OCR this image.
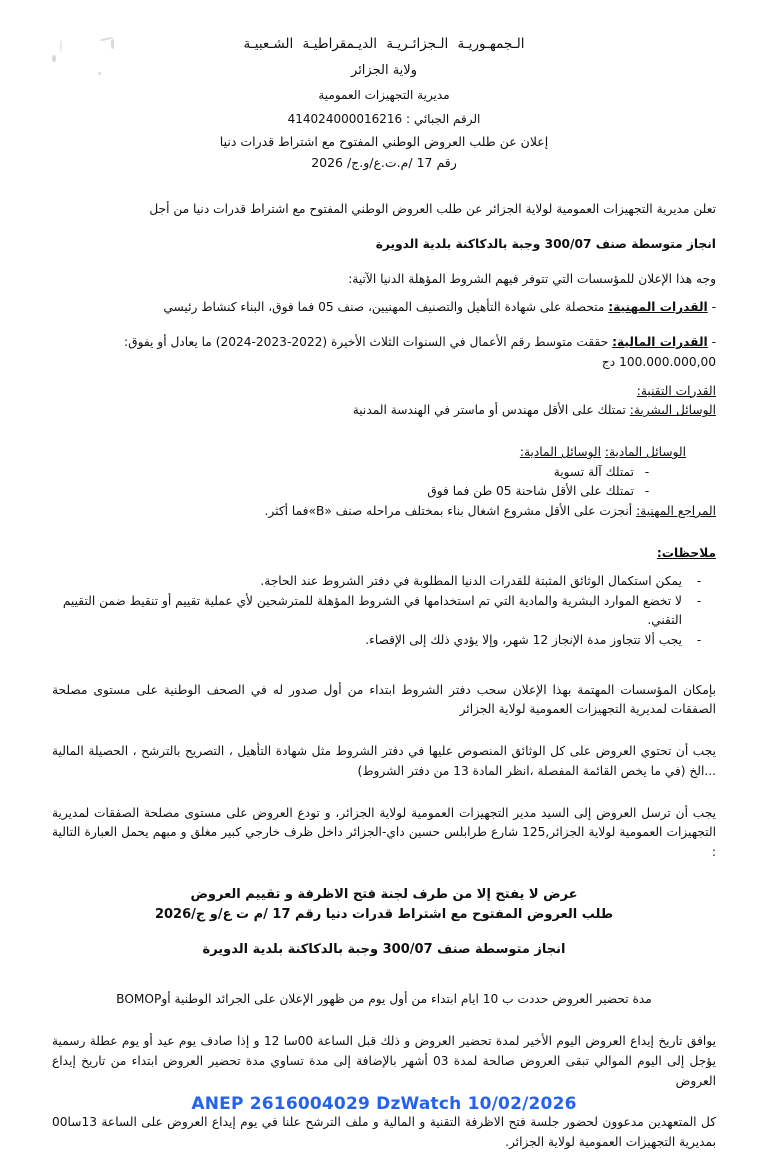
الـجمهـوريـة الـجزائـريـة الديـمقراطيـة الشـعبيـة
ولاية الجزائر
مديرية التجهيزات العمومية
الرقم الجبائي : 414024000016216
إعلان عن طلب العروض الوطني المفتوح مع اشتراط قدرات دنيا
رقم 17 /م.ت.ع/و.ج/ 2026
تعلن مديرية التجهيزات العمومية لولاية الجزائر عن طلب العروض الوطني المفتوح مع اشتراط قدرات دنيا من أجل
انجاز متوسطة صنف 300/07 وجبة بالدكاكنة بلدية الدويرة
وجه هذا الإعلان للمؤسسات التي تتوفر فيهم الشروط المؤهلة الدنيا الآتية:
- القدرات المهنية: متحصلة على شهادة التأهيل والتصنيف المهنيين، صنف 05 فما فوق، البناء كنشاط رئيسي
- القدرات المالية: حققت متوسط رقم الأعمال في السنوات الثلاث الأخيرة (2022-2023-2024) ما يعادل أو يفوق: 100.000.000,00 دج
القدرات التقنية:
الوسائل البشرية: تمتلك على الأقل مهندس أو ماستر في الهندسة المدنية
الوسائل المادية: الوسائل المادية:
-
تمتلك آلة تسوية
-
تمتلك على الأقل شاحنة 05 طن فما فوق
المراجع المهنية: أنجزت على الأقل مشروع اشغال بناء بمختلف مراحله صنف «B»فما أكثر.
ملاحظات:
-
يمكن استكمال الوثائق المثبتة للقدرات الدنيا المطلوبة في دفتر الشروط عند الحاجة.
-
لا تخضع الموارد البشرية والمادية التي تم استخدامها في الشروط المؤهلة للمترشحين لأي عملية تقييم أو تنقيط ضمن التقييم التقني.
-
يجب ألا تتجاوز مدة الإنجاز 12 شهر، وإلا يؤدي ذلك إلى الإقصاء.
بإمكان المؤسسات المهتمة بهذا الإعلان سحب دفتر الشروط ابتداء من أول صدور له في الصحف الوطنية على مستوى مصلحة الصفقات لمديرية التجهيزات العمومية لولاية الجزائر
يجب أن تحتوي العروض على كل الوثائق المنصوص عليها في دفتر الشروط مثل شهادة التأهيل ، التصريح بالترشح ، الحصيلة المالية ...الخ (في ما يخص القائمة المفصلة ،انظر المادة 13 من دفتر الشروط)
يجب أن ترسل العروض إلى السيد مدير التجهيزات العمومية لولاية الجزائر، و تودع العروض على مستوى مصلحة الصفقات لمديرية التجهيزات العمومية لولاية الجزائر,125 شارع طرابلس حسين داي-الجزائر داخل ظرف خارجي كبير مغلق و مبهم يحمل العبارة التالية :
عرض لا يفتح إلا من طرف لجنة فتح الاظرفة و تقييم العروض
طلب العروض المفتوح مع اشتراط قدرات دنيا رقم 17 /م ت ع/و ج/2026
انجاز متوسطة صنف 300/07 وجبة بالدكاكنة بلدية الدويرة
مدة تحضير العروض حددت ب 10 ايام ابتداء من أول يوم من ظهور الإعلان على الجرائد الوطنية أوBOMOP
يوافق تاريخ إيداع العروض اليوم الأخير لمدة تحضير العروض و ذلك قبل الساعة 00سا 12 و إذا صادف يوم عيد أو يوم عطلة رسمية يؤجل إلى اليوم الموالي تبقى العروض صالحة لمدة 03 أشهر بالإضافة إلى مدة تساوي مدة تحضير العروض ابتداء من تاريخ إيداع العروض
كل المتعهدين مدعوون لحضور جلسة فتح الاظرفة التقنية و المالية و ملف الترشح علنا في يوم إيداع العروض على الساعة 13سا00 بمديرية التجهيزات العمومية لولاية الجزائر.
ANEP 2616004029 DzWatch 10/02/2026
